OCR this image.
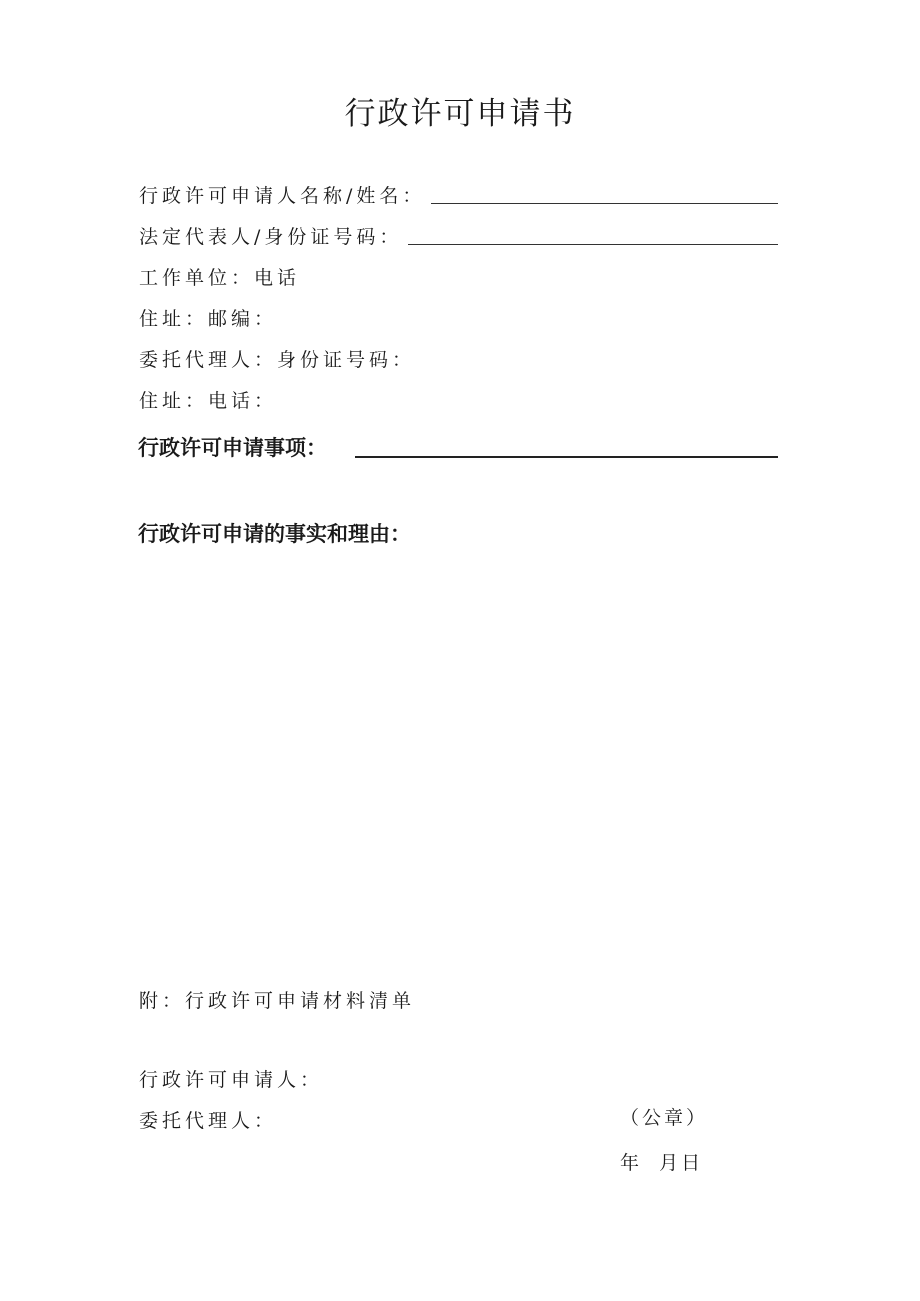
行政许可申请书
行政许可申请人名称/姓名：
法定代表人/身份证号码：
工作单位：电话
住址：邮编：
委托代理人：身份证号码：
住址：电话：
行政许可申请事项：
行政许可申请的事实和理由：
附：行政许可申请材料清单
行政许可申请人：
委托代理人：	（公章）
年 月日
